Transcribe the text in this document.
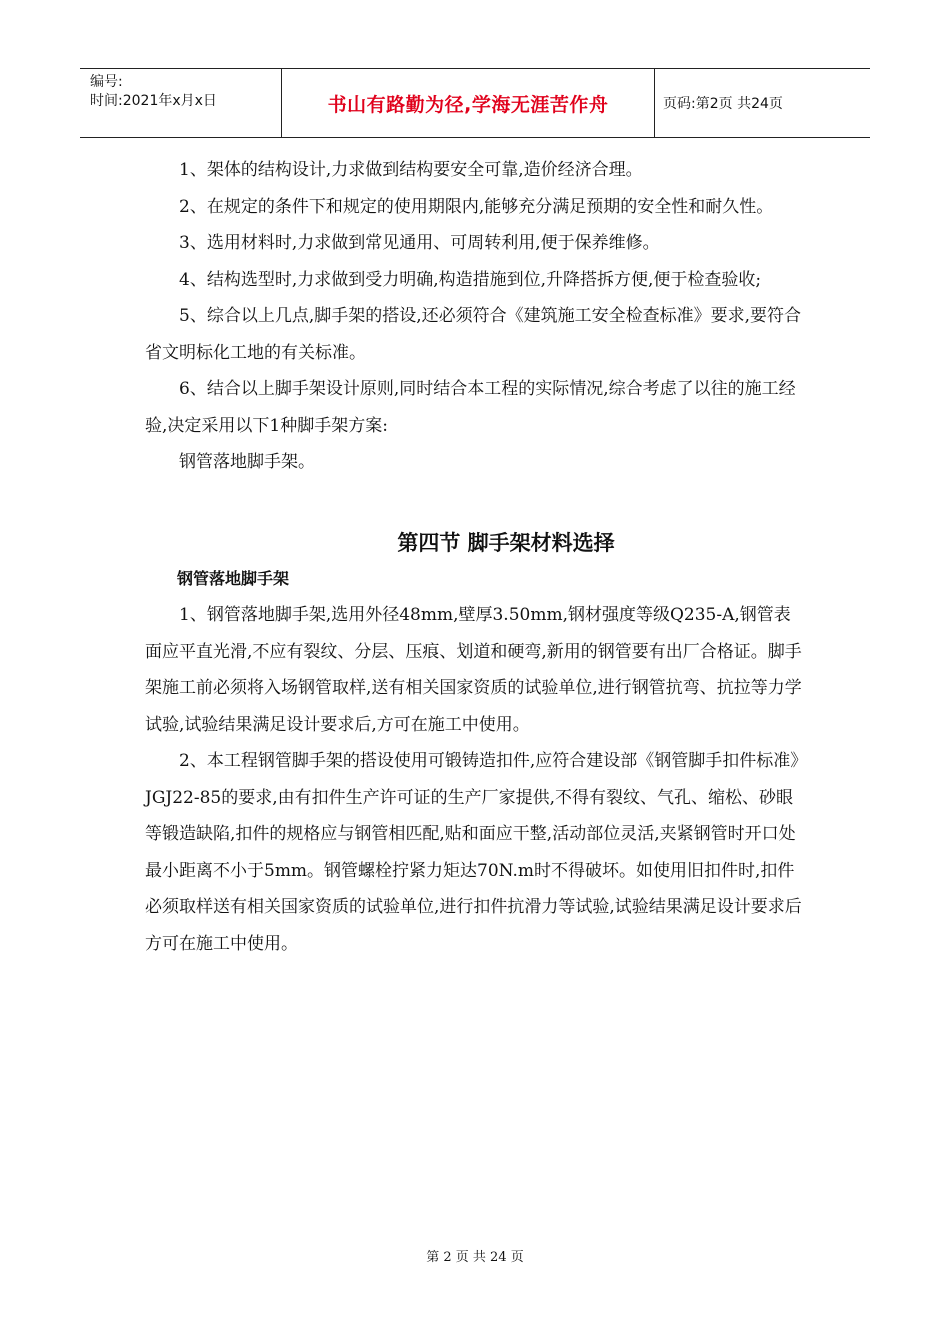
编号:
时间:2021年x月x日	书山有路勤为径,学海无涯苦作舟	页码:第2页 共24页

1、架体的结构设计,力求做到结构要安全可靠,造价经济合理。

2、在规定的条件下和规定的使用期限内,能够充分满足预期的安全性和耐久性。

3、选用材料时,力求做到常见通用、可周转利用,便于保养维修。

4、结构选型时,力求做到受力明确,构造措施到位,升降搭拆方便,便于检查验收;

5、综合以上几点,脚手架的搭设,还必须符合《建筑施工安全检查标准》要求,要符合省文明标化工地的有关标准。

6、结合以上脚手架设计原则,同时结合本工程的实际情况,综合考虑了以往的施工经验,决定采用以下1种脚手架方案:

钢管落地脚手架。

第四节 脚手架材料选择

钢管落地脚手架

1、钢管落地脚手架,选用外径48mm,壁厚3.50mm,钢材强度等级Q235-A,钢管表面应平直光滑,不应有裂纹、分层、压痕、划道和硬弯,新用的钢管要有出厂合格证。脚手架施工前必须将入场钢管取样,送有相关国家资质的试验单位,进行钢管抗弯、抗拉等力学试验,试验结果满足设计要求后,方可在施工中使用。

2、本工程钢管脚手架的搭设使用可锻铸造扣件,应符合建设部《钢管脚手扣件标准》JGJ22-85的要求,由有扣件生产许可证的生产厂家提供,不得有裂纹、气孔、缩松、砂眼等锻造缺陷,扣件的规格应与钢管相匹配,贴和面应干整,活动部位灵活,夹紧钢管时开口处最小距离不小于5mm。钢管螺栓拧紧力矩达70N.m时不得破坏。如使用旧扣件时,扣件必须取样送有相关国家资质的试验单位,进行扣件抗滑力等试验,试验结果满足设计要求后方可在施工中使用。

第 2 页 共 24 页
